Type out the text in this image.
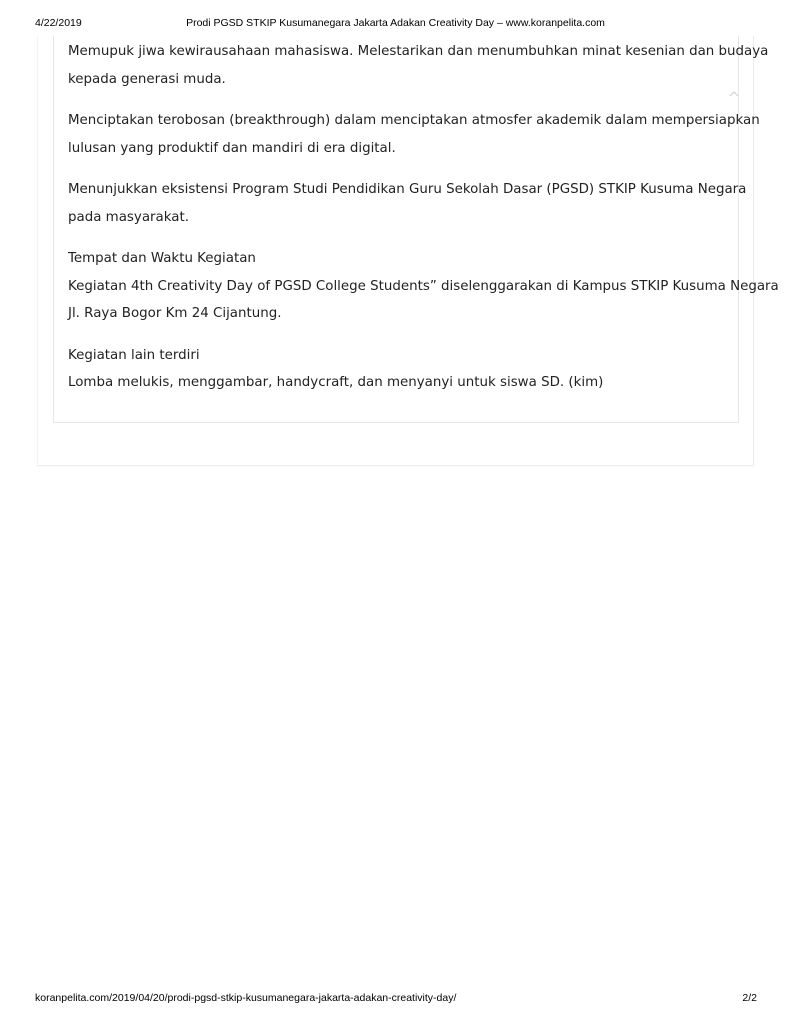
4/22/2019	Prodi PGSD STKIP Kusumanegara Jakarta Adakan Creativity Day – www.koranpelita.com

Memupuk jiwa kewirausahaan mahasiswa. Melestarikan dan menumbuhkan minat kesenian dan budaya
kepada generasi muda.

Menciptakan terobosan (breakthrough) dalam menciptakan atmosfer akademik dalam mempersiapkan
lulusan yang produktif dan mandiri di era digital.

Menunjukkan eksistensi Program Studi Pendidikan Guru Sekolah Dasar (PGSD) STKIP Kusuma Negara
pada masyarakat.

Tempat dan Waktu Kegiatan
Kegiatan 4th Creativity Day of PGSD College Students” diselenggarakan di Kampus STKIP Kusuma Negara
Jl. Raya Bogor Km 24 Cijantung.

Kegiatan lain terdiri
Lomba melukis, menggambar, handycraft, dan menyanyi untuk siswa SD. (kim)

koranpelita.com/2019/04/20/prodi-pgsd-stkip-kusumanegara-jakarta-adakan-creativity-day/	2/2
